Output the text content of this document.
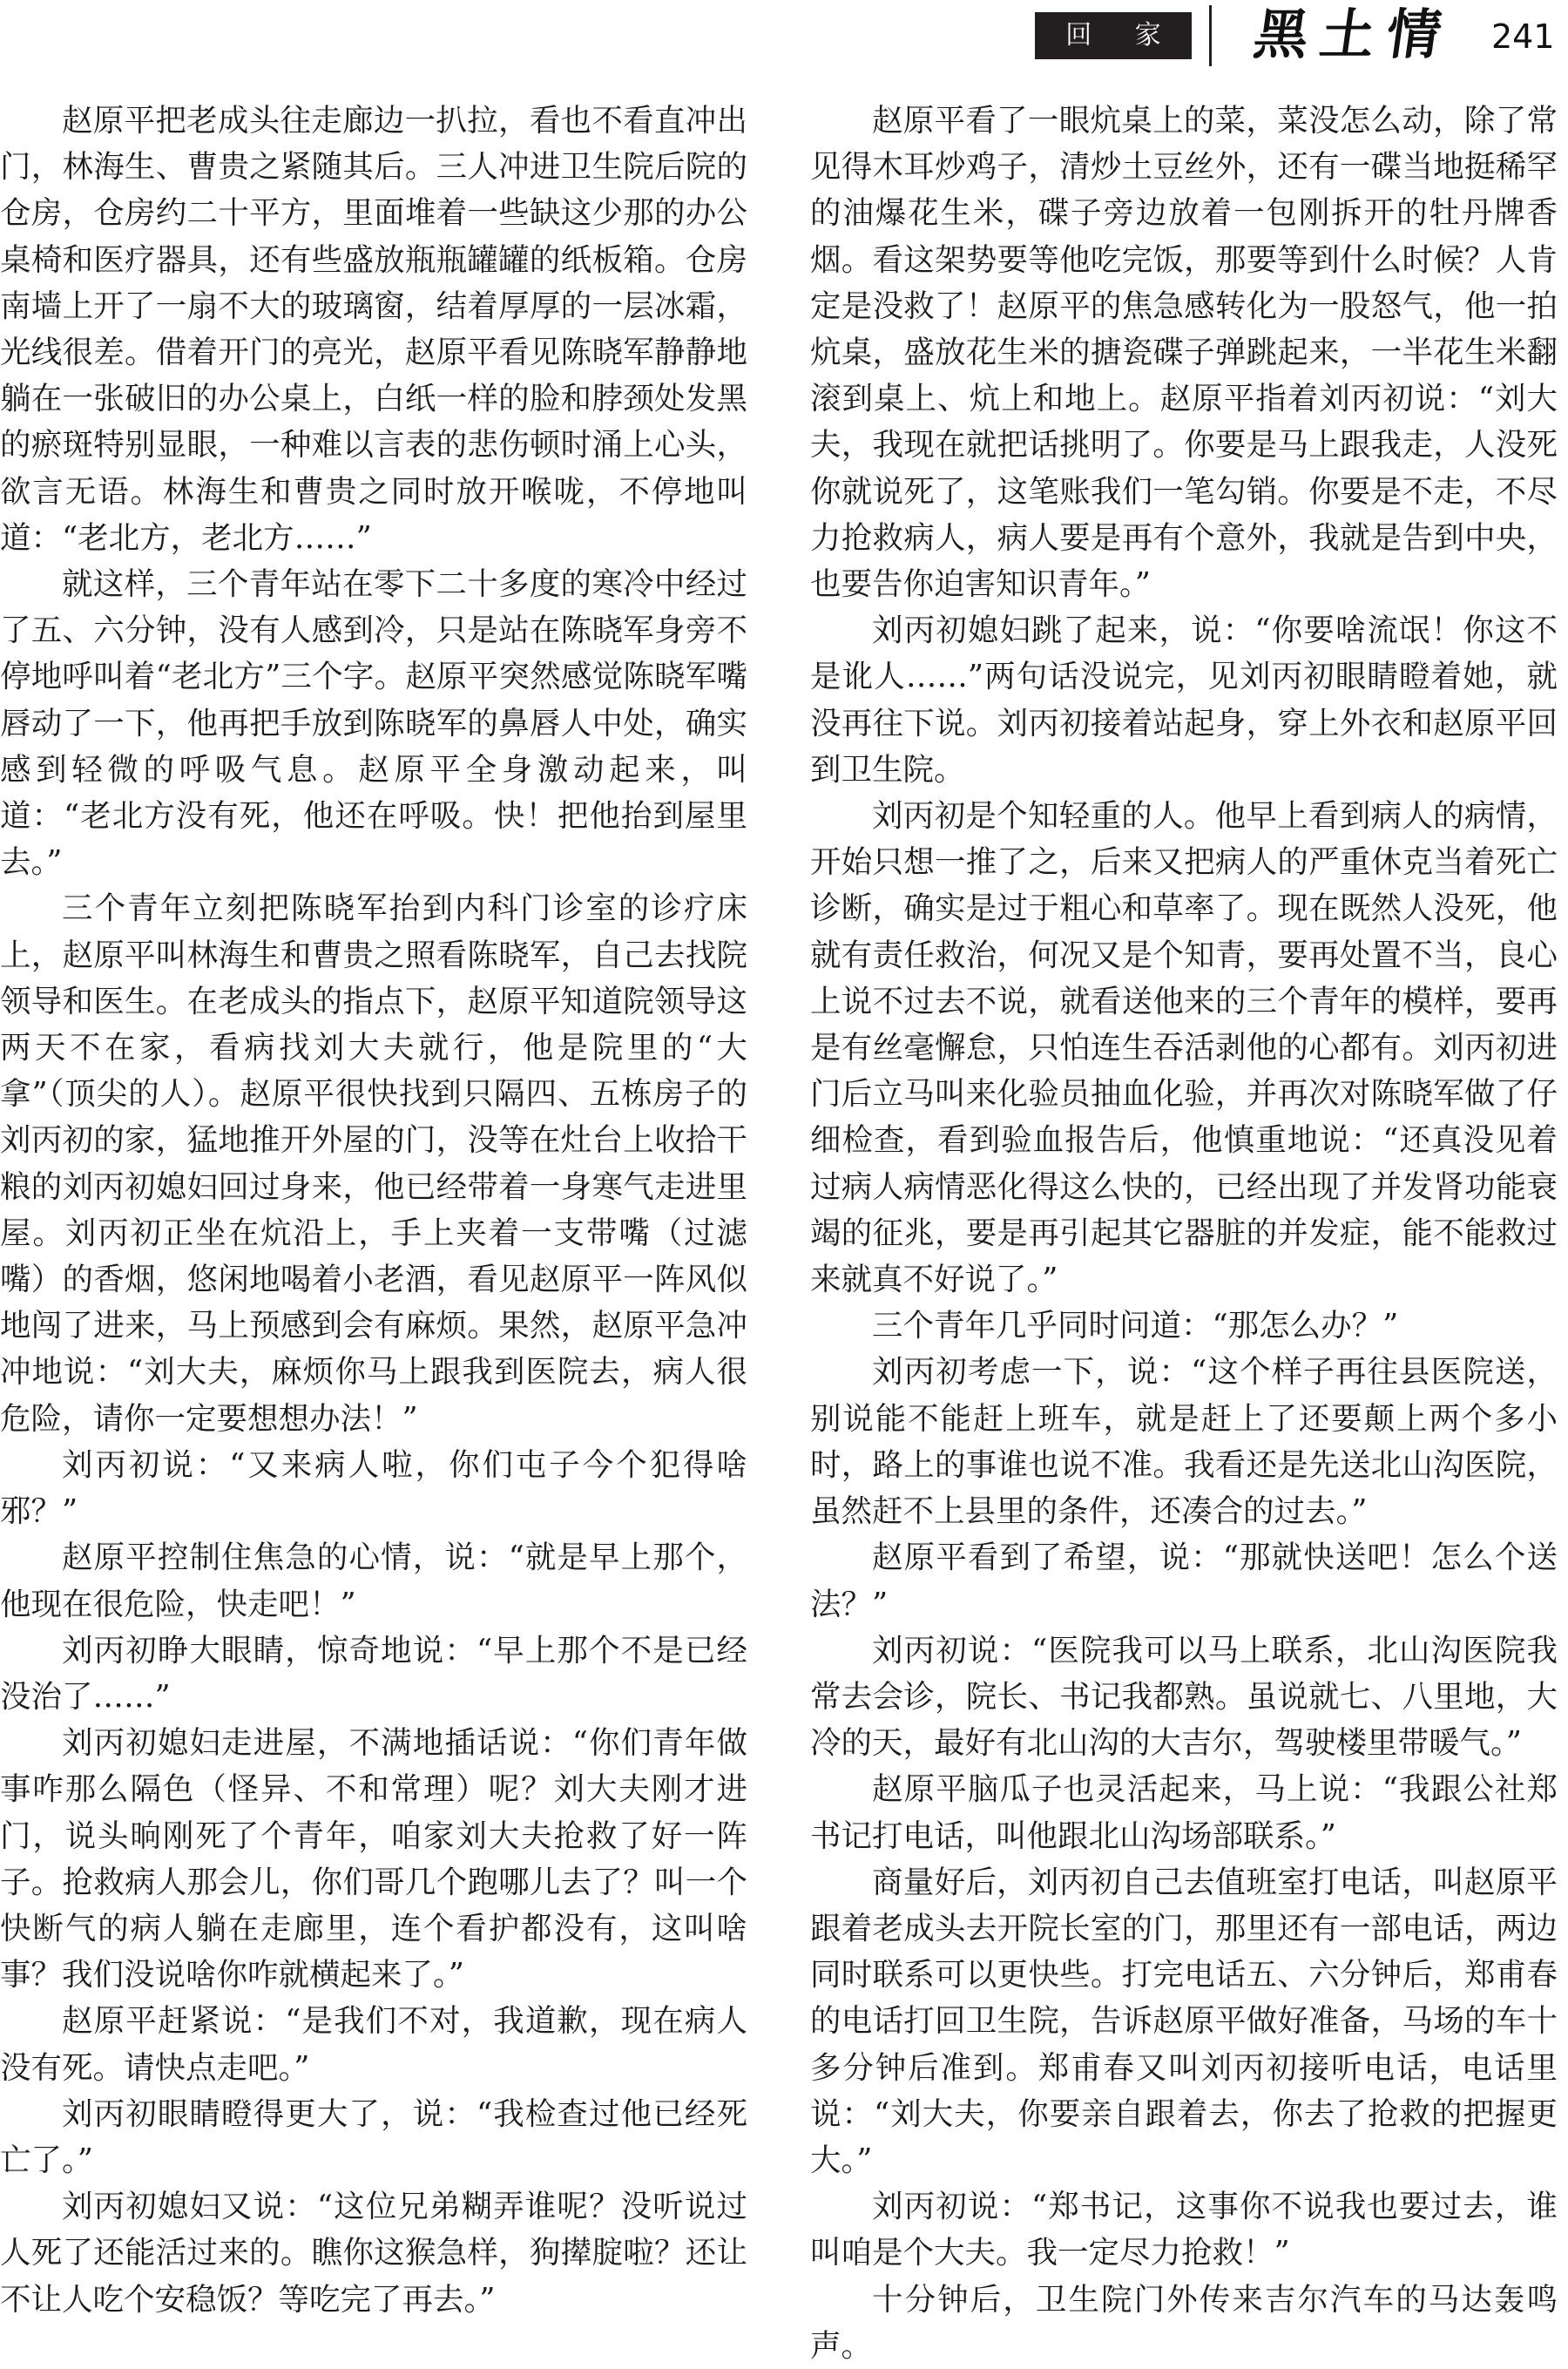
回 家 黑土情 241

赵原平把老成头往走廊边一扒拉，看也不看直冲出门，林海生、曹贵之紧随其后。三人冲进卫生院后院的仓房，仓房约二十平方，里面堆着一些缺这少那的办公桌椅和医疗器具，还有些盛放瓶瓶罐罐的纸板箱。仓房南墙上开了一扇不大的玻璃窗，结着厚厚的一层冰霜，光线很差。借着开门的亮光，赵原平看见陈晓军静静地躺在一张破旧的办公桌上，白纸一样的脸和脖颈处发黑的瘀斑特别显眼，一种难以言表的悲伤顿时涌上心头，欲言无语。林海生和曹贵之同时放开喉咙，不停地叫道：“老北方，老北方……”

就这样，三个青年站在零下二十多度的寒冷中经过了五、六分钟，没有人感到冷，只是站在陈晓军身旁不停地呼叫着“老北方”三个字。赵原平突然感觉陈晓军嘴唇动了一下，他再把手放到陈晓军的鼻唇人中处，确实感到轻微的呼吸气息。赵原平全身激动起来，叫道：“老北方没有死，他还在呼吸。快！把他抬到屋里去。”

三个青年立刻把陈晓军抬到内科门诊室的诊疗床上，赵原平叫林海生和曹贵之照看陈晓军，自己去找院领导和医生。在老成头的指点下，赵原平知道院领导这两天不在家，看病找刘大夫就行，他是院里的“大拿”（顶尖的人）。赵原平很快找到只隔四、五栋房子的刘丙初的家，猛地推开外屋的门，没等在灶台上收拾干粮的刘丙初媳妇回过身来，他已经带着一身寒气走进里屋。刘丙初正坐在炕沿上，手上夹着一支带嘴（过滤嘴）的香烟，悠闲地喝着小老酒，看见赵原平一阵风似地闯了进来，马上预感到会有麻烦。果然，赵原平急冲冲地说：“刘大夫，麻烦你马上跟我到医院去，病人很危险，请你一定要想想办法！”

刘丙初说：“又来病人啦，你们屯子今个犯得啥邪？”

赵原平控制住焦急的心情，说：“就是早上那个，他现在很危险，快走吧！”

刘丙初睁大眼睛，惊奇地说：“早上那个不是已经没治了……”

刘丙初媳妇走进屋，不满地插话说：“你们青年做事咋那么隔色（怪异、不和常理）呢？刘大夫刚才进门，说头晌刚死了个青年，咱家刘大夫抢救了好一阵子。抢救病人那会儿，你们哥几个跑哪儿去了？叫一个快断气的病人躺在走廊里，连个看护都没有，这叫啥事？我们没说啥你咋就横起来了。”

赵原平赶紧说：“是我们不对，我道歉，现在病人没有死。请快点走吧。”

刘丙初眼睛瞪得更大了，说：“我检查过他已经死亡了。”

刘丙初媳妇又说：“这位兄弟糊弄谁呢？没听说过人死了还能活过来的。瞧你这猴急样，狗撵腚啦？还让不让人吃个安稳饭？等吃完了再去。”

赵原平看了一眼炕桌上的菜，菜没怎么动，除了常见得木耳炒鸡子，清炒土豆丝外，还有一碟当地挺稀罕的油爆花生米，碟子旁边放着一包刚拆开的牡丹牌香烟。看这架势要等他吃完饭，那要等到什么时候？人肯定是没救了！赵原平的焦急感转化为一股怒气，他一拍炕桌，盛放花生米的搪瓷碟子弹跳起来，一半花生米翻滚到桌上、炕上和地上。赵原平指着刘丙初说：“刘大夫，我现在就把话挑明了。你要是马上跟我走，人没死你就说死了，这笔账我们一笔勾销。你要是不走，不尽力抢救病人，病人要是再有个意外，我就是告到中央，也要告你迫害知识青年。”

刘丙初媳妇跳了起来，说：“你要啥流氓！你这不是讹人……”两句话没说完，见刘丙初眼睛瞪着她，就没再往下说。刘丙初接着站起身，穿上外衣和赵原平回到卫生院。

刘丙初是个知轻重的人。他早上看到病人的病情，开始只想一推了之，后来又把病人的严重休克当着死亡诊断，确实是过于粗心和草率了。现在既然人没死，他就有责任救治，何况又是个知青，要再处置不当，良心上说不过去不说，就看送他来的三个青年的模样，要再是有丝毫懈怠，只怕连生吞活剥他的心都有。刘丙初进门后立马叫来化验员抽血化验，并再次对陈晓军做了仔细检查，看到验血报告后，他慎重地说：“还真没见着过病人病情恶化得这么快的，已经出现了并发肾功能衰竭的征兆，要是再引起其它器脏的并发症，能不能救过来就真不好说了。”

三个青年几乎同时问道：“那怎么办？”

刘丙初考虑一下，说：“这个样子再往县医院送，别说能不能赶上班车，就是赶上了还要颠上两个多小时，路上的事谁也说不准。我看还是先送北山沟医院，虽然赶不上县里的条件，还凑合的过去。”

赵原平看到了希望，说：“那就快送吧！怎么个送法？”

刘丙初说：“医院我可以马上联系，北山沟医院我常去会诊，院长、书记我都熟。虽说就七、八里地，大冷的天，最好有北山沟的大吉尔，驾驶楼里带暖气。”

赵原平脑瓜子也灵活起来，马上说：“我跟公社郑书记打电话，叫他跟北山沟场部联系。”

商量好后，刘丙初自己去值班室打电话，叫赵原平跟着老成头去开院长室的门，那里还有一部电话，两边同时联系可以更快些。打完电话五、六分钟后，郑甫春的电话打回卫生院，告诉赵原平做好准备，马场的车十多分钟后准到。郑甫春又叫刘丙初接听电话，电话里说：“刘大夫，你要亲自跟着去，你去了抢救的把握更大。”

刘丙初说：“郑书记，这事你不说我也要过去，谁叫咱是个大夫。我一定尽力抢救！”

十分钟后，卫生院门外传来吉尔汽车的马达轰鸣声。
